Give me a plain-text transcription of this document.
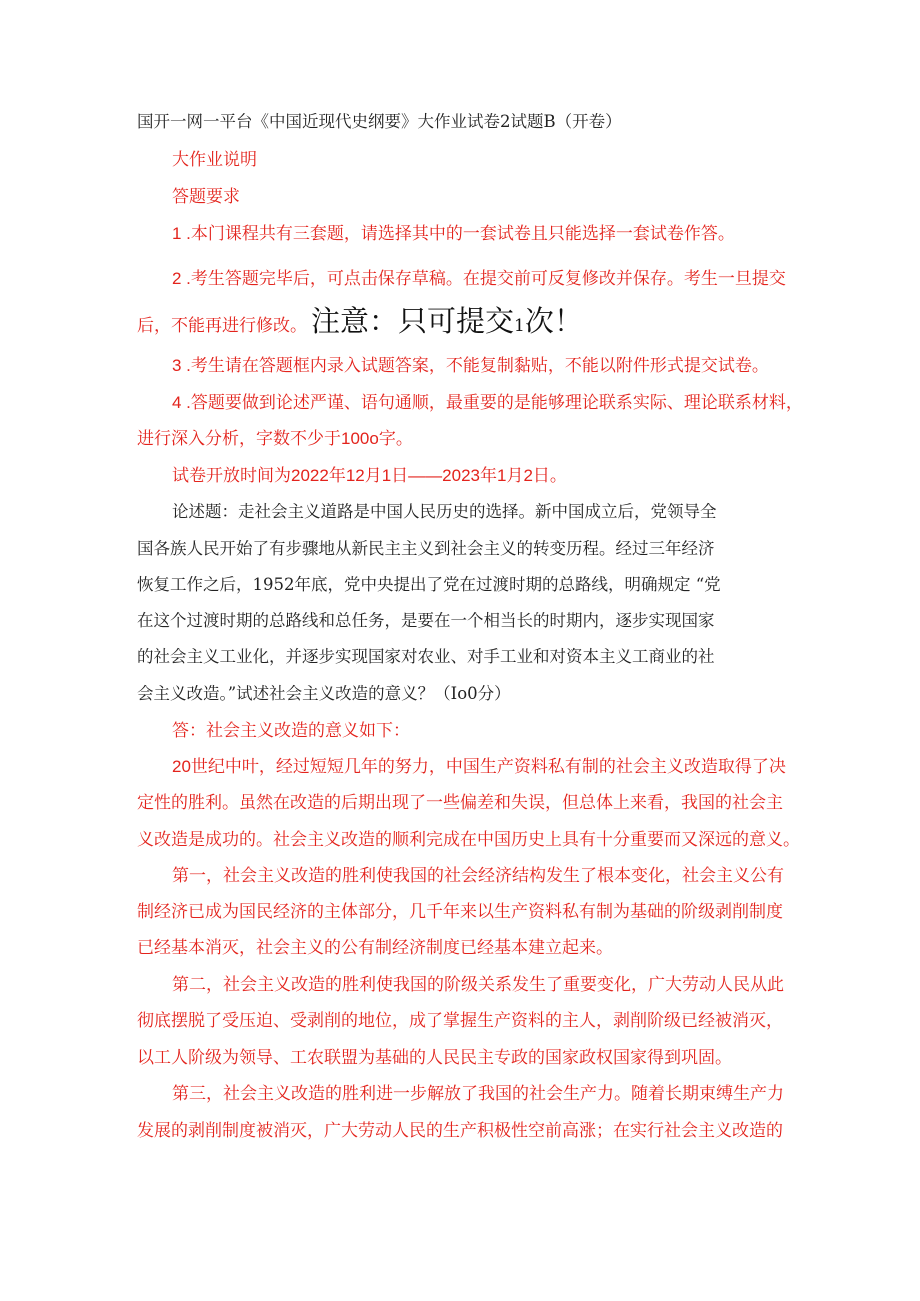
国开一网一平台《中国近现代史纲要》大作业试卷2试题B（开卷）
大作业说明
答题要求
1 .本门课程共有三套题，请选择其中的一套试卷且只能选择一套试卷作答。
2 .考生答题完毕后，可点击保存草稿。在提交前可反复修改并保存。考生一旦提交
后，不能再进行修改。 注意：只可提交1次！
3 .考生请在答题框内录入试题答案，不能复制黏贴，不能以附件形式提交试卷。
4 .答题要做到论述严谨、语句通顺，最重要的是能够理论联系实际、理论联系材料，
进行深入分析，字数不少于100o字。
试卷开放时间为2022年12月1日——2023年1月2日。
论述题：走社会主义道路是中国人民历史的选择。新中国成立后，党领导全
国各族人民开始了有步骤地从新民主主义到社会主义的转变历程。经过三年经济
恢复工作之后，1952年底，党中央提出了党在过渡时期的总路线，明确规定 “党
在这个过渡时期的总路线和总任务，是要在一个相当长的时期内，逐步实现国家
的社会主义工业化，并逐步实现国家对农业、对手工业和对资本主义工商业的社
会主义改造。”试述社会主义改造的意义？（Io0分）
答：社会主义改造的意义如下：
20世纪中叶，经过短短几年的努力，中国生产资料私有制的社会主义改造取得了决
定性的胜利。虽然在改造的后期出现了一些偏差和失误，但总体上来看，我国的社会主
义改造是成功的。社会主义改造的顺利完成在中国历史上具有十分重要而又深远的意义。
第一，社会主义改造的胜利使我国的社会经济结构发生了根本变化，社会主义公有
制经济已成为国民经济的主体部分，几千年来以生产资料私有制为基础的阶级剥削制度
已经基本消灭，社会主义的公有制经济制度已经基本建立起来。
第二，社会主义改造的胜利使我国的阶级关系发生了重要变化，广大劳动人民从此
彻底摆脱了受压迫、受剥削的地位，成了掌握生产资料的主人，剥削阶级已经被消灭，
以工人阶级为领导、工农联盟为基础的人民民主专政的国家政权国家得到巩固。
第三，社会主义改造的胜利进一步解放了我国的社会生产力。随着长期束缚生产力
发展的剥削制度被消灭，广大劳动人民的生产积极性空前高涨；在实行社会主义改造的
